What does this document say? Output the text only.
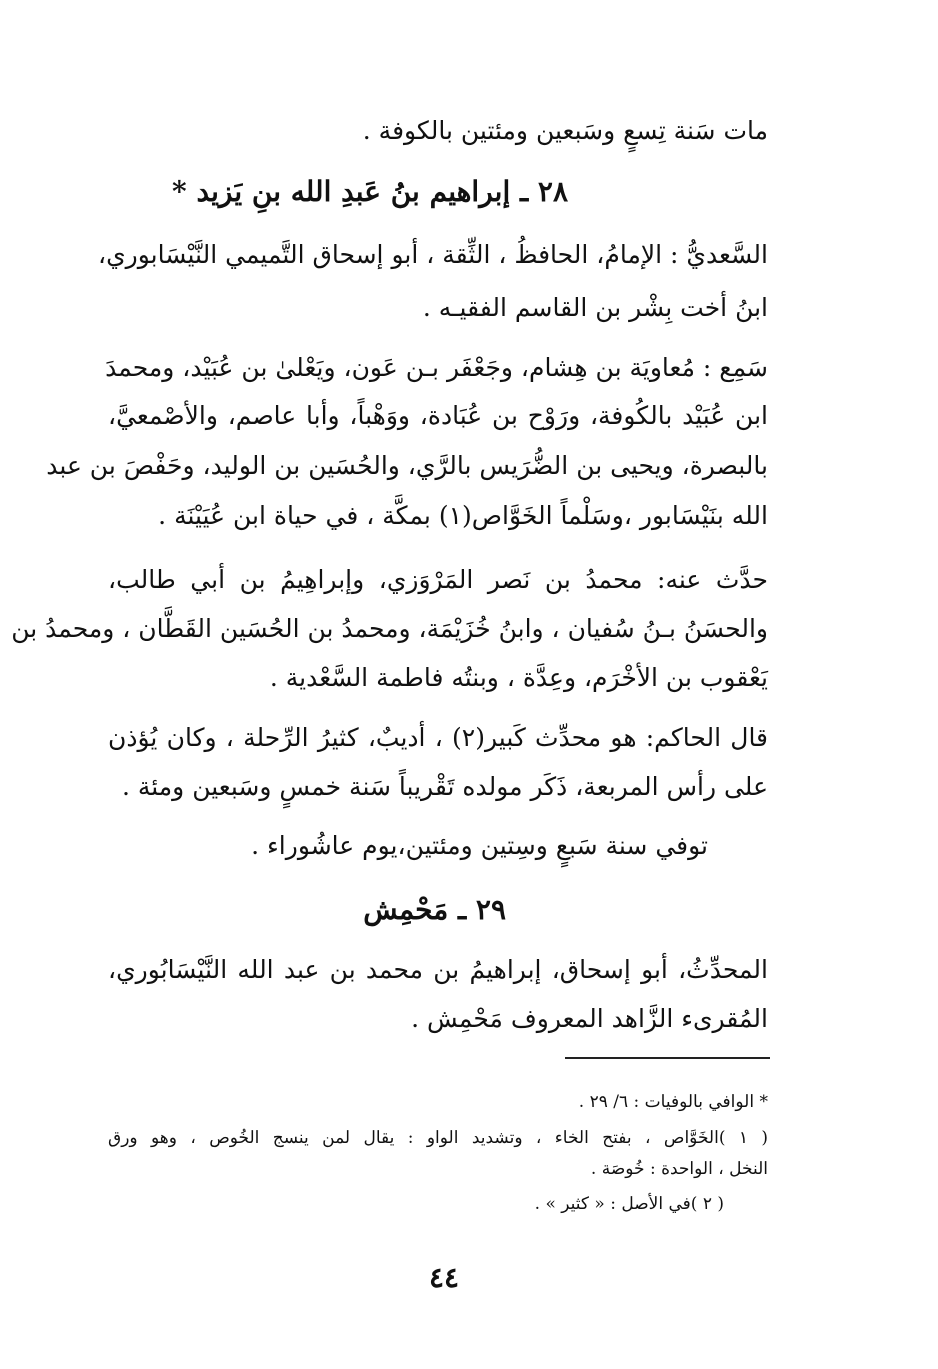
مات سَنة تِسعٍ وسَبعين ومئتين بالكوفة .
٢٨ ـ إبراهيم بنُ عَبدِ الله بنِ يَزيد *
السَّعديُّ : الإمامُ، الحافظُ ، الثِّقة ، أبو إسحاق التَّميمي النَّيْسَابوري،
ابنُ أخت بِشْر بن القاسم الفقيـه .
سَمِع : مُعاويَة بن هِشام، وجَعْفَر بـن عَون، ويَعْلىٰ بن عُبَيْد، ومحمدَ
ابن عُبَيْد بالكُوفة، ورَوْح بن عُبَادة، ووَهْباً، وأبا عاصم، والأصْمعيَّ،
بالبصرة، ويحيى بن الضُّرَيس بالرَّي، والحُسَين بن الوليد، وحَفْصَ بن عبد
الله بنَيْسَابور ،وسَلْماً الخَوَّاص(١) بمكَّة ، في حياة ابن عُيَيْنَة .
حدَّث عنه: محمدُ بن نَصر المَرْوَزي، وإبراهِيمُ بن أبي طالب،
والحسَنُ بـنُ سُفيان ، وابنُ خُزَيْمَة، ومحمدُ بن الحُسَين القَطَّان ، ومحمدُ بن
يَعْقوب بن الأخْرَم، وعِدَّة ، وبنتُه فاطمة السَّعْدية .
قال الحاكم: هو محدِّث كَبير(٢) ، أديبٌ، كثيرُ الرِّحلة ، وكان يُؤذن
على رأس المربعة، ذَكَر مولده تَقْريباً سَنة خمسٍ وسَبعين ومئة .
توفي سنة سَبعٍ وسِتين ومئتين،يوم عاشُوراء .
٢٩ ـ مَحْمِش
المحدِّثُ، أبو إسحاق، إبراهيمُ بن محمد بن عبد الله النَّيْسَابُوري،
المُقرىء الزَّاهد المعروف مَحْمِش .
* الوافي بالوفيات : ٦/ ٢٩ .
( ١ )الخَوَّاص ، بفتح الخاء ، وتشديد الواو : يقال لمن ينسج الخُوص ، وهو ورق
النخل ، الواحدة : خُوصَة .
( ٢ )في الأصل : « كثير » .
٤٤
